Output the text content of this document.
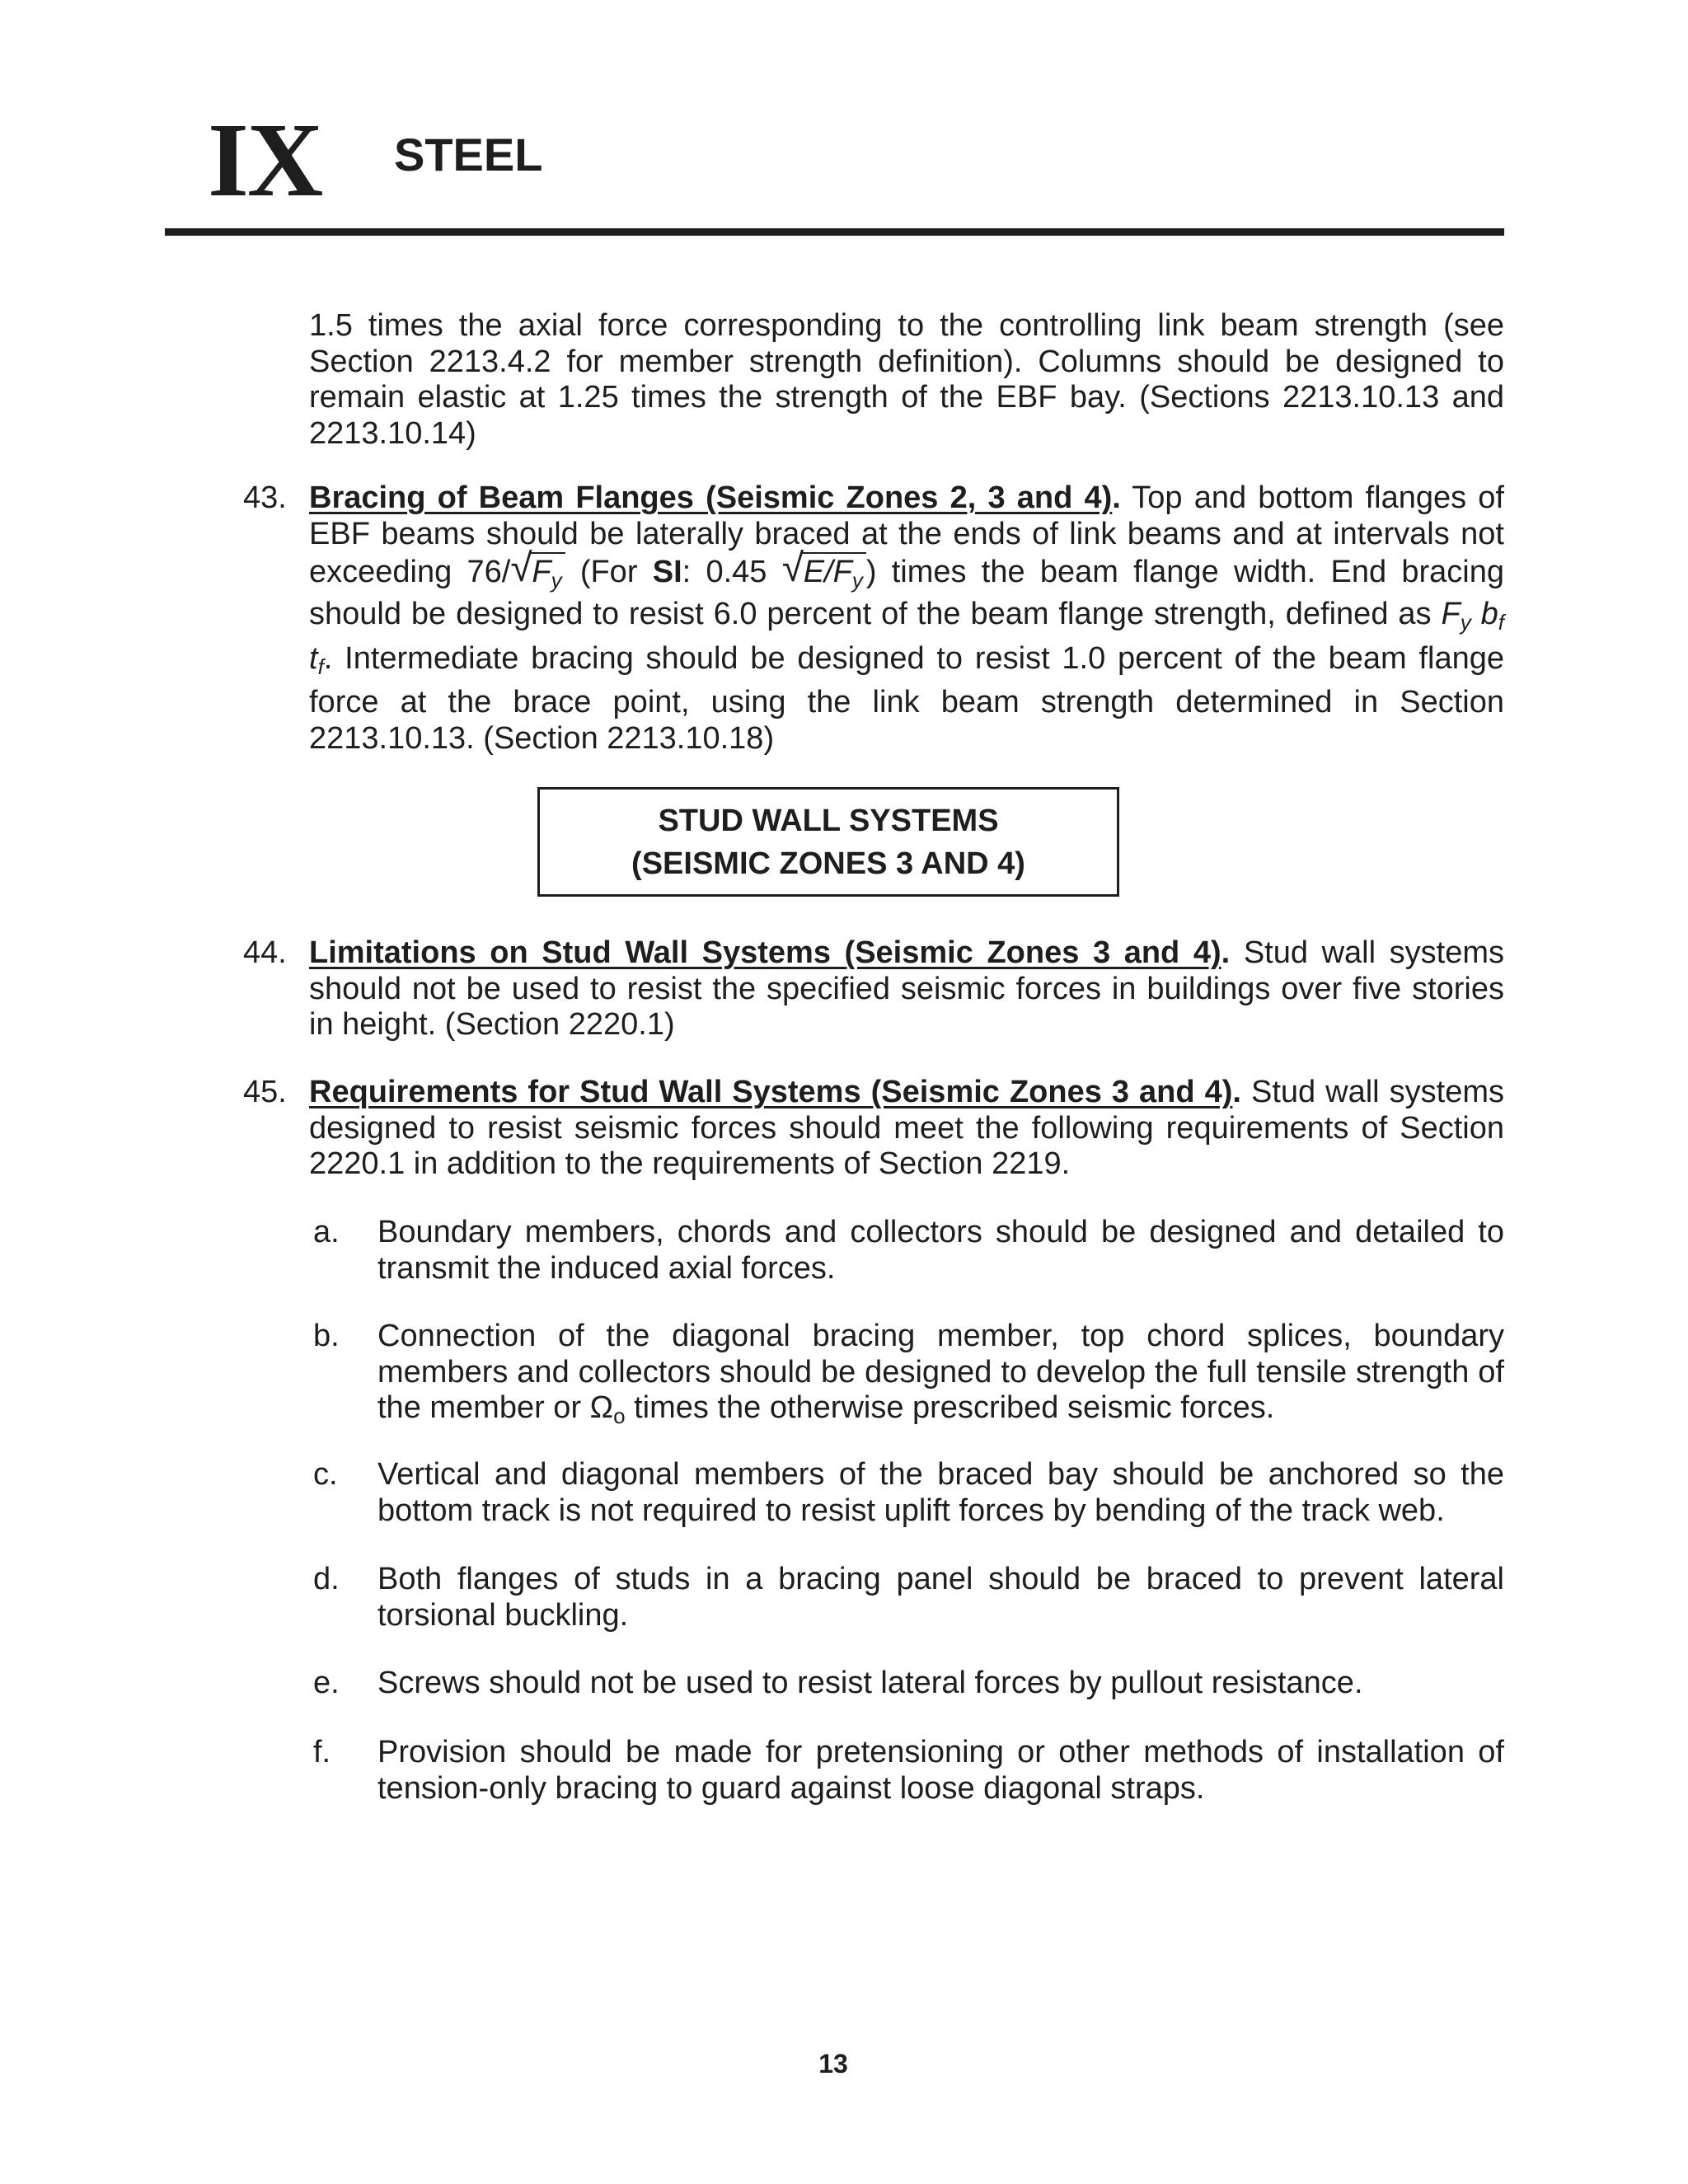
IX STEEL

1.5 times the axial force corresponding to the controlling link beam strength (see Section 2213.4.2 for member strength definition). Columns should be designed to remain elastic at 1.25 times the strength of the EBF bay. (Sections 2213.10.13 and 2213.10.14)

43. Bracing of Beam Flanges (Seismic Zones 2, 3 and 4). Top and bottom flanges of EBF beams should be laterally braced at the ends of link beams and at intervals not exceeding 76/ √ $F_y$ (For SI: 0.45 √ $E/F_y$ ) times the beam flange width. End bracing should be designed to resist 6.0 percent of the beam flange strength, defined as $F_y$ $b_f$ $t_f$. Intermediate bracing should be designed to resist 1.0 percent of the beam flange force at the brace point, using the link beam strength determined in Section 2213.10.13. (Section 2213.10.18)

STUD WALL SYSTEMS
(SEISMIC ZONES 3 AND 4)
44. Limitations on Stud Wall Systems (Seismic Zones 3 and 4). Stud wall systems should not be used to resist the specified seismic forces in buildings over five stories in height. (Section 2220.1)

45. Requirements for Stud Wall Systems (Seismic Zones 3 and 4). Stud wall systems designed to resist seismic forces should meet the following requirements of Section 2220.1 in addition to the requirements of Section 2219.

a. Boundary members, chords and collectors should be designed and detailed to transmit the induced axial forces.

b. Connection of the diagonal bracing member, top chord splices, boundary members and collectors should be designed to develop the full tensile strength of the member or $\Omega_o$ times the otherwise prescribed seismic forces.

c. Vertical and diagonal members of the braced bay should be anchored so the bottom track is not required to resist uplift forces by bending of the track web.

d. Both flanges of studs in a bracing panel should be braced to prevent lateral torsional buckling.

e. Screws should not be used to resist lateral forces by pullout resistance.

f. Provision should be made for pretensioning or other methods of installation of tension-only bracing to guard against loose diagonal straps.

13
